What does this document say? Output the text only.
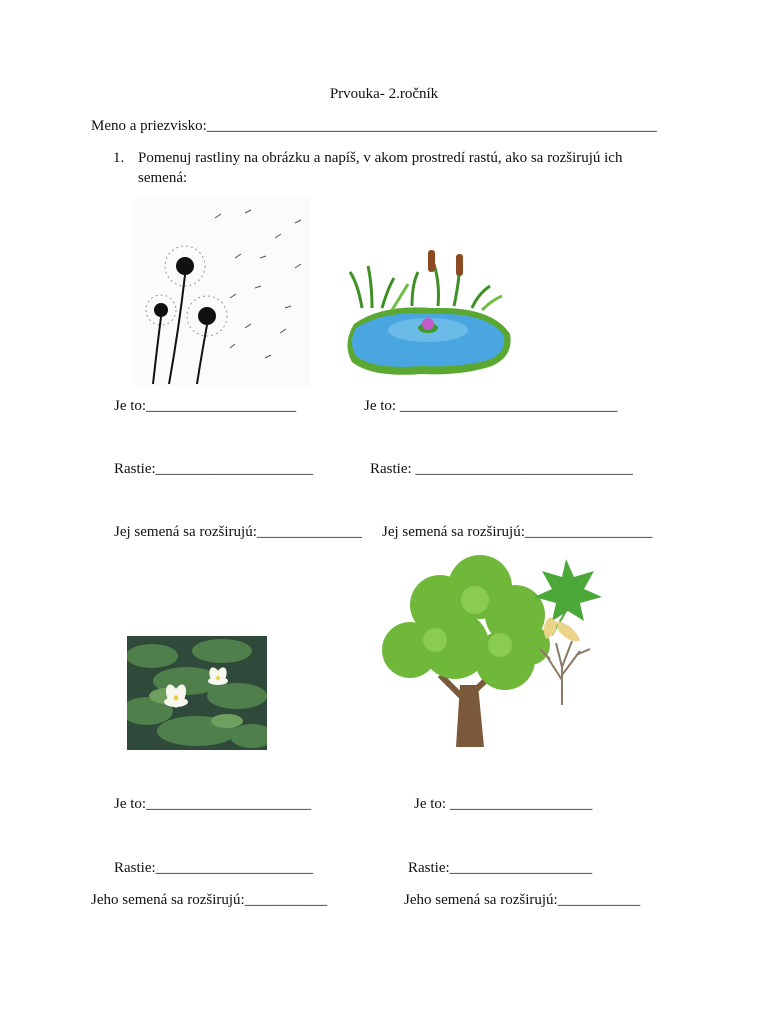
Prvouka- 2.ročník
Meno a priezvisko:____________________________________________________________
1. Pomenuj rastliny na obrázku a napíš, v akom prostredí rastú, ako sa rozširujú ich semená:
Je to:____________________	Je to: _____________________________
Rastie:_____________________	Rastie: _____________________________
Jej semená sa rozširujú:______________ Jej semená sa rozširujú:_________________
Je to:______________________	Je to: ___________________
Rastie:_____________________	Rastie:___________________
Jeho semená sa rozširujú:___________	Jeho semená sa rozširujú:___________
